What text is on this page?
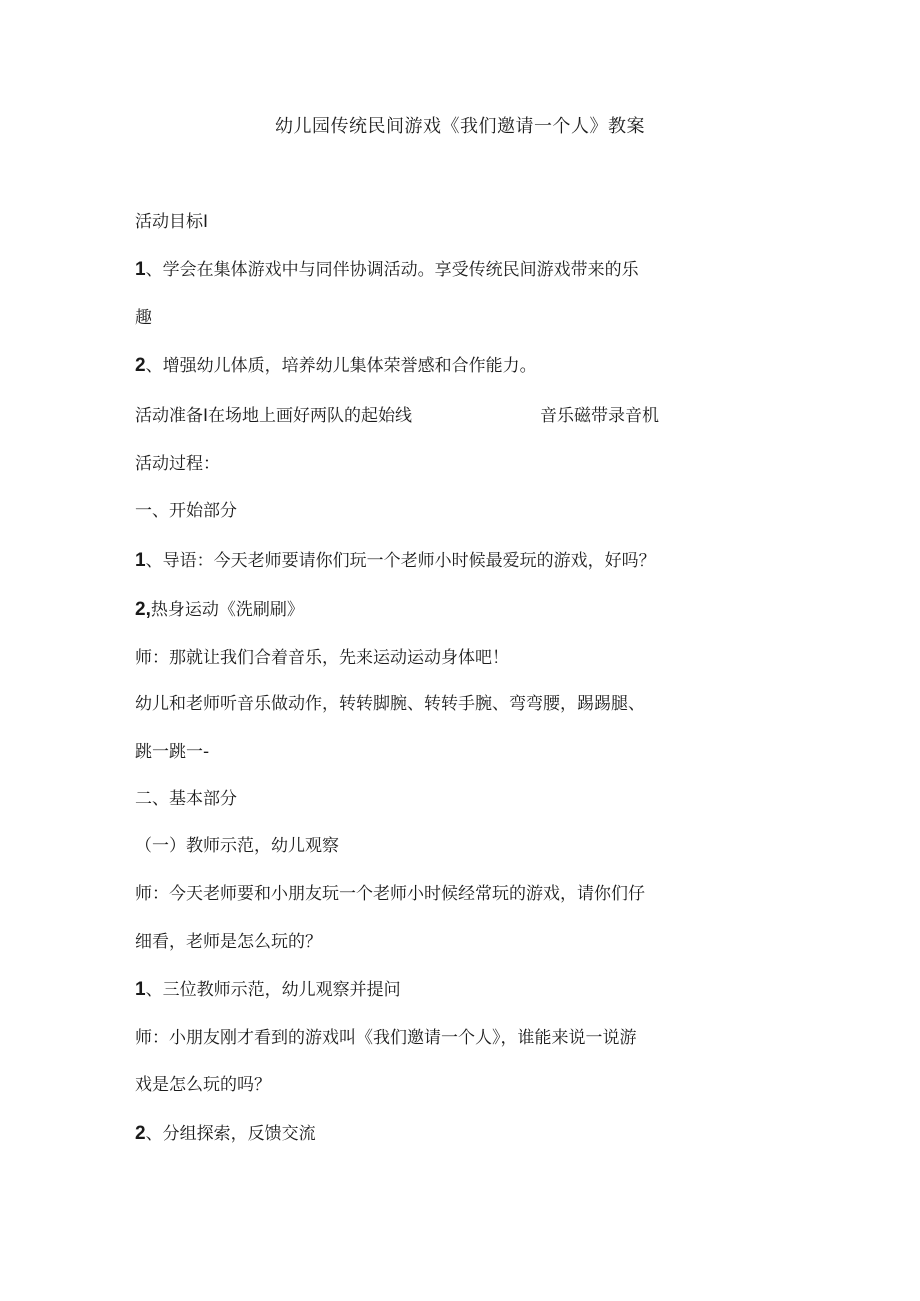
幼儿园传统民间游戏《我们邀请一个人》教案
活动目标I
1、学会在集体游戏中与同伴协调活动。享受传统民间游戏带来的乐
趣
2、增强幼儿体质，培养幼儿集体荣誉感和合作能力。
活动准备I在场地上画好两队的起始线	音乐磁带录音机
活动过程：
一、开始部分
1、导语：今天老师要请你们玩一个老师小时候最爱玩的游戏，好吗？
2,热身运动《洗刷刷》
师：那就让我们合着音乐，先来运动运动身体吧！
幼儿和老师听音乐做动作，转转脚腕、转转手腕、弯弯腰，踢踢腿、
跳一跳一-
二、基本部分
（一）教师示范，幼儿观察
师：今天老师要和小朋友玩一个老师小时候经常玩的游戏，请你们仔
细看，老师是怎么玩的？
1、三位教师示范，幼儿观察并提问
师：小朋友刚才看到的游戏叫《我们邀请一个人》，谁能来说一说游
戏是怎么玩的吗？
2、分组探索，反馈交流
